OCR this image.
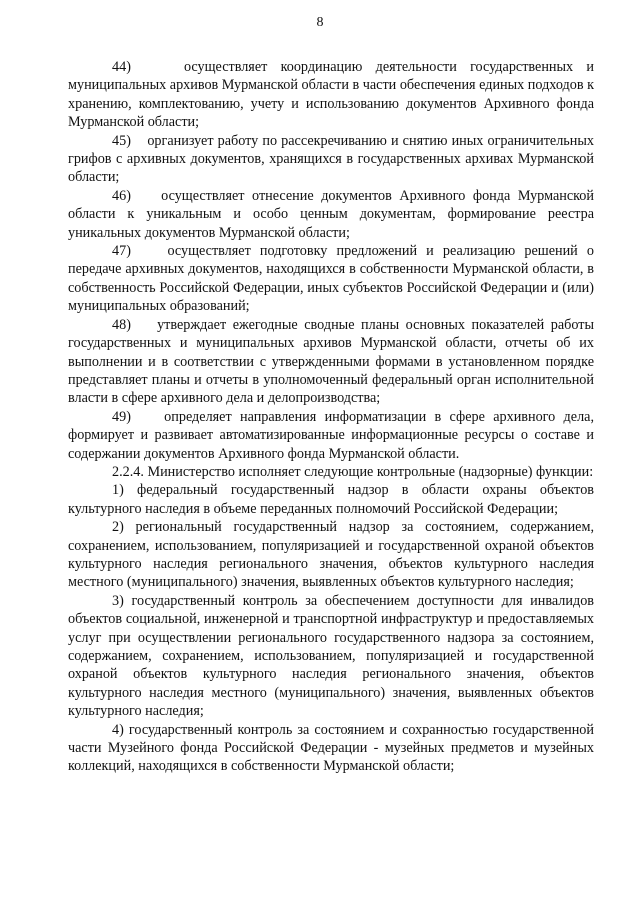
8

44)    осуществляет координацию деятельности государственных и муниципальных архивов Мурманской области в части обеспечения единых подходов к хранению, комплектованию, учету и использованию документов Архивного фонда Мурманской области;

45)    организует работу по рассекречиванию и снятию иных ограничительных грифов с архивных документов, хранящихся в государственных архивах Мурманской области;

46)    осуществляет отнесение документов Архивного фонда Мурманской области к уникальным и особо ценным документам, формирование реестра уникальных документов Мурманской области;

47)    осуществляет подготовку предложений и реализацию решений о передаче архивных документов, находящихся в собственности Мурманской области, в собственность Российской Федерации, иных субъектов Российской Федерации и (или) муниципальных образований;

48)    утверждает ежегодные сводные планы основных показателей работы государственных и муниципальных архивов Мурманской области, отчеты об их выполнении и в соответствии с утвержденными формами в установленном порядке представляет планы и отчеты в уполномоченный федеральный орган исполнительной власти в сфере архивного дела и делопроизводства;

49)    определяет направления информатизации в сфере архивного дела, формирует и развивает автоматизированные информационные ресурсы о составе и содержании документов Архивного фонда Мурманской области.

2.2.4. Министерство исполняет следующие контрольные (надзорные) функции:

1) федеральный государственный надзор в области охраны объектов культурного наследия в объеме переданных полномочий Российской Федерации;

2) региональный государственный надзор за состоянием, содержанием, сохранением, использованием, популяризацией и государственной охраной объектов культурного наследия регионального значения, объектов культурного наследия местного (муниципального) значения, выявленных объектов культурного наследия;

3) государственный контроль за обеспечением доступности для инвалидов объектов социальной, инженерной и транспортной инфраструктур и предоставляемых услуг при осуществлении регионального государственного надзора за состоянием, содержанием, сохранением, использованием, популяризацией и государственной охраной объектов культурного наследия регионального значения, объектов культурного наследия местного (муниципального) значения, выявленных объектов культурного наследия;

4) государственный контроль за состоянием и сохранностью государственной части Музейного фонда Российской Федерации - музейных предметов и музейных коллекций, находящихся в собственности Мурманской области;
